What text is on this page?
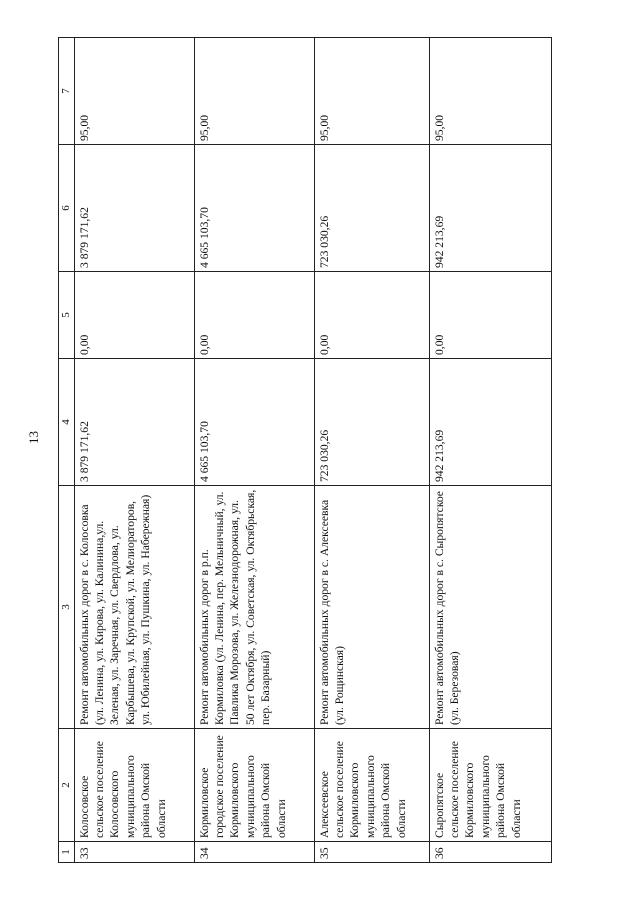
13
1	2	3	4	5	6	7
33	Колосовское сельское поселение Колосовского муниципального района Омской области	Ремонт автомобильных дорог в с. Колосовка (ул. Ленина, ул. Кирова, ул. Калинина,ул. Зеленая, ул. Заречная, ул. Свердлова, ул. Карбышева, ул. Крупской, ул. Мелиораторов, ул. Юбилейная, ул. Пушкина, ул. Набережная)	3 879 171,62	0,00	3 879 171,62	95,00
34	Кормиловское городское поселение Кормиловского муниципального района Омской области	Ремонт автомобильных дорог в р.п. Кормиловка (ул. Ленина, пер. Мельничный, ул. Павлика Морозова, ул. Железнодорожная, ул. 50 лет Октября, ул. Советская, ул. Октябрьская, пер. Базарный)	4 665 103,70	0,00	4 665 103,70	95,00
35	Алексеевское сельское поселение Кормиловского муниципального района Омской области	Ремонт автомобильных дорог в с. Алексеевка (ул. Рощинская)	723 030,26	0,00	723 030,26	95,00
36	Сыропятское сельское поселение Кормиловского муниципального района Омской области	Ремонт автомобильных дорог в с. Сыропятское (ул. Березовая)	942 213,69	0,00	942 213,69	95,00
